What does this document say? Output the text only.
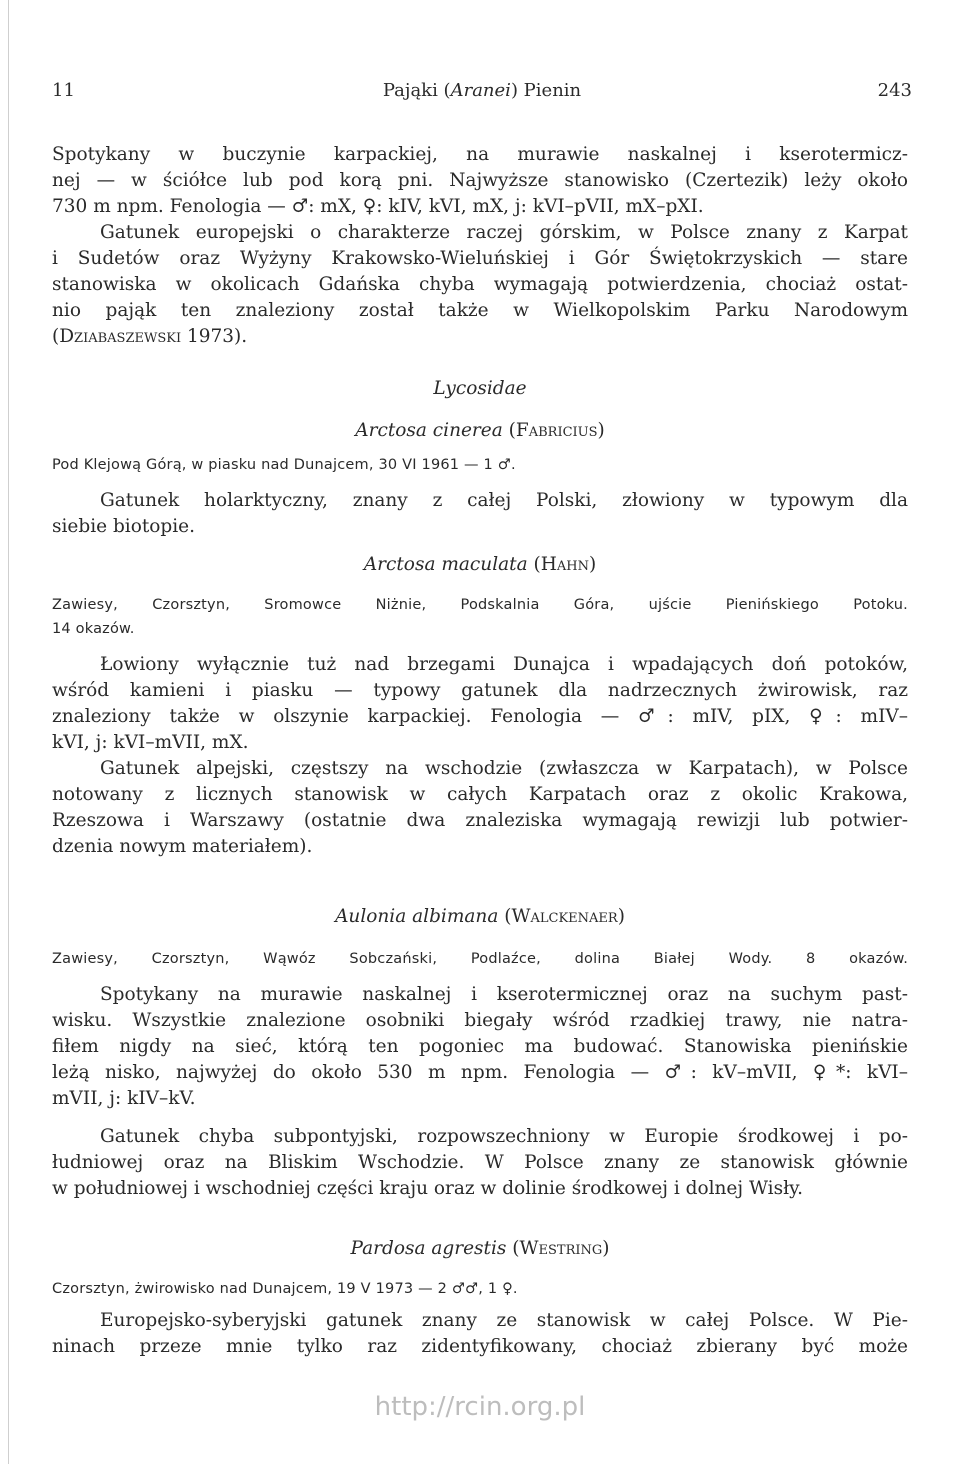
11	Pająki (Aranei) Pienin	243
Spotykany w buczynie karpackiej, na murawie naskalnej i kserotermicz-
nej — w ściółce lub pod korą pni. Najwyższe stanowisko (Czertezik) leży około
730 m npm. Fenologia — ♂: mX, ♀: kIV, kVI, mX, j: kVI–pVII, mX–pXI.
Gatunek europejski o charakterze raczej górskim, w Polsce znany z Karpat
i Sudetów oraz Wyżyny Krakowsko-Wieluńskiej i Gór Świętokrzyskich — stare
stanowiska w okolicach Gdańska chyba wymagają potwierdzenia, chociaż ostat-
nio pająk ten znaleziony został także w Wielkopolskim Parku Narodowym
(Dziabaszewski 1973).
Lycosidae
Arctosa cinerea (Fabricius)
Pod Klejową Górą, w piasku nad Dunajcem, 30 VI 1961 — 1 ♂.
Gatunek holarktyczny, znany z całej Polski, złowiony w typowym dla
siebie biotopie.
Arctosa maculata (Hahn)
Zawiesy, Czorsztyn, Sromowce Niżnie, Podskalnia Góra, ujście Pienińskiego Potoku.
14 okazów.
Łowiony wyłącznie tuż nad brzegami Dunajca i wpadających doń potoków,
wśród kamieni i piasku — typowy gatunek dla nadrzecznych żwirowisk, raz
znaleziony także w olszynie karpackiej. Fenologia — ♂: mIV, pIX, ♀: mIV–
kVI, j: kVI–mVII, mX.
Gatunek alpejski, częstszy na wschodzie (zwłaszcza w Karpatach), w Polsce
notowany z licznych stanowisk w całych Karpatach oraz z okolic Krakowa,
Rzeszowa i Warszawy (ostatnie dwa znaleziska wymagają rewizji lub potwier-
dzenia nowym materiałem).
Aulonia albimana (Walckenaer)
Zawiesy, Czorsztyn, Wąwóz Sobczański, Podlaźce, dolina Białej Wody. 8 okazów.
Spotykany na murawie naskalnej i kserotermicznej oraz na suchym past-
wisku. Wszystkie znalezione osobniki biegały wśród rzadkiej trawy, nie natra-
fiłem nigdy na sieć, którą ten pogoniec ma budować. Stanowiska pienińskie
leżą nisko, najwyżej do około 530 m npm. Fenologia — ♂: kV–mVII, ♀*: kVI–
mVII, j: kIV–kV.
Gatunek chyba subpontyjski, rozpowszechniony w Europie środkowej i po-
łudniowej oraz na Bliskim Wschodzie. W Polsce znany ze stanowisk głównie
w południowej i wschodniej części kraju oraz w dolinie środkowej i dolnej Wisły.
Pardosa agrestis (Westring)
Czorsztyn, żwirowisko nad Dunajcem, 19 V 1973 — 2 ♂♂, 1 ♀.
Europejsko-syberyjski gatunek znany ze stanowisk w całej Polsce. W Pie-
ninach przeze mnie tylko raz zidentyfikowany, chociaż zbierany być może
http://rcin.org.pl
